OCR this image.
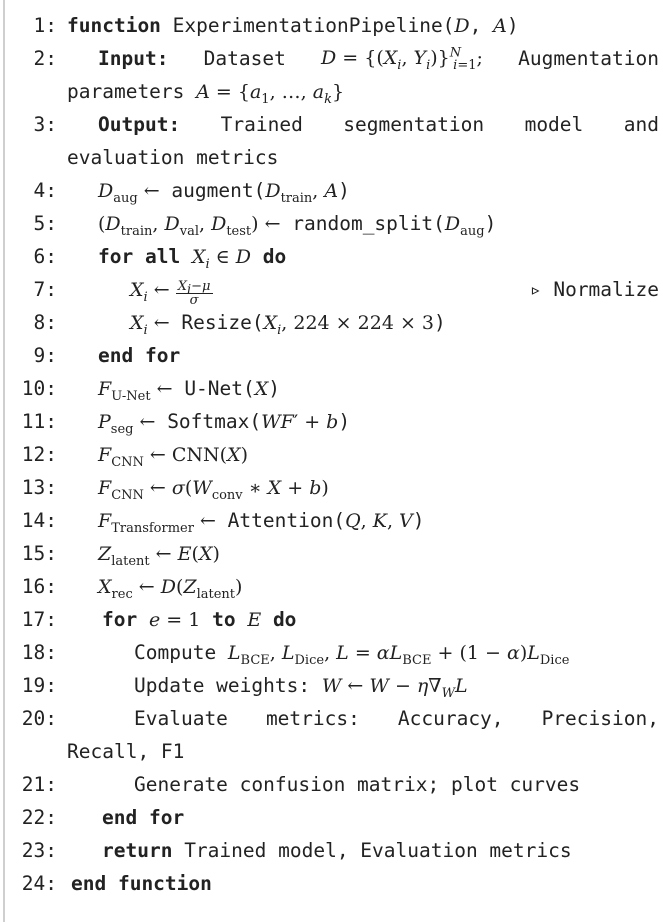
1: function ExperimentationPipeline(D, A)
2: Input: Dataset $D = \{(X_i$, $Y_i)\}^N_{i=1}$; Augmentation
parameters $A = \{a_1$, …, $a_k$}
3: Output: Trained segmentation model and
evaluation metrics
4: $D_{aug}$ ← $augment(D_{train}$, A)
5: ($D_{train}$, $D_{val}$, $D_{test}$) ← $random\_split(D_{aug})$
6: for all $X_i$ ∈ D do
7:	$X_i$ ← $\frac{X_i-\mu}{\sigma}$	▹ Normalize
8:	$X_i$ ← $Resize(X_i$, 224 × 224 × 3)
9: end for
10: $F_{U-Net}$ ← U-Net(X)
11: $P_{seg}$ ← Softmax(WF′ + b)
12: $F_{CNN}$ ← CNN(X)
13: $F_{CNN}$ ← $\sigma(W_{conv}$ ∗ X + b)
14: $F_{Transformer}$ ← Attention(Q, K, V)
15: $Z_{latent}$ ← E(X)
16: $X_{rec}$ ← $D(Z_{latent})$
17: for e = 1 to E do
18:	Compute $L_{BCE}$, $L_{Dice}$, $L = \alpha L_{BCE} + (1 - \alpha)L_{Dice}$
19:	Update weights: W ← $W - \eta\nabla_WL$
20:	Evaluate metrics: Accuracy, Precision,
Recall, F1
21:	Generate confusion matrix; plot curves
22: end for
23: return Trained model, Evaluation metrics
24: end function
